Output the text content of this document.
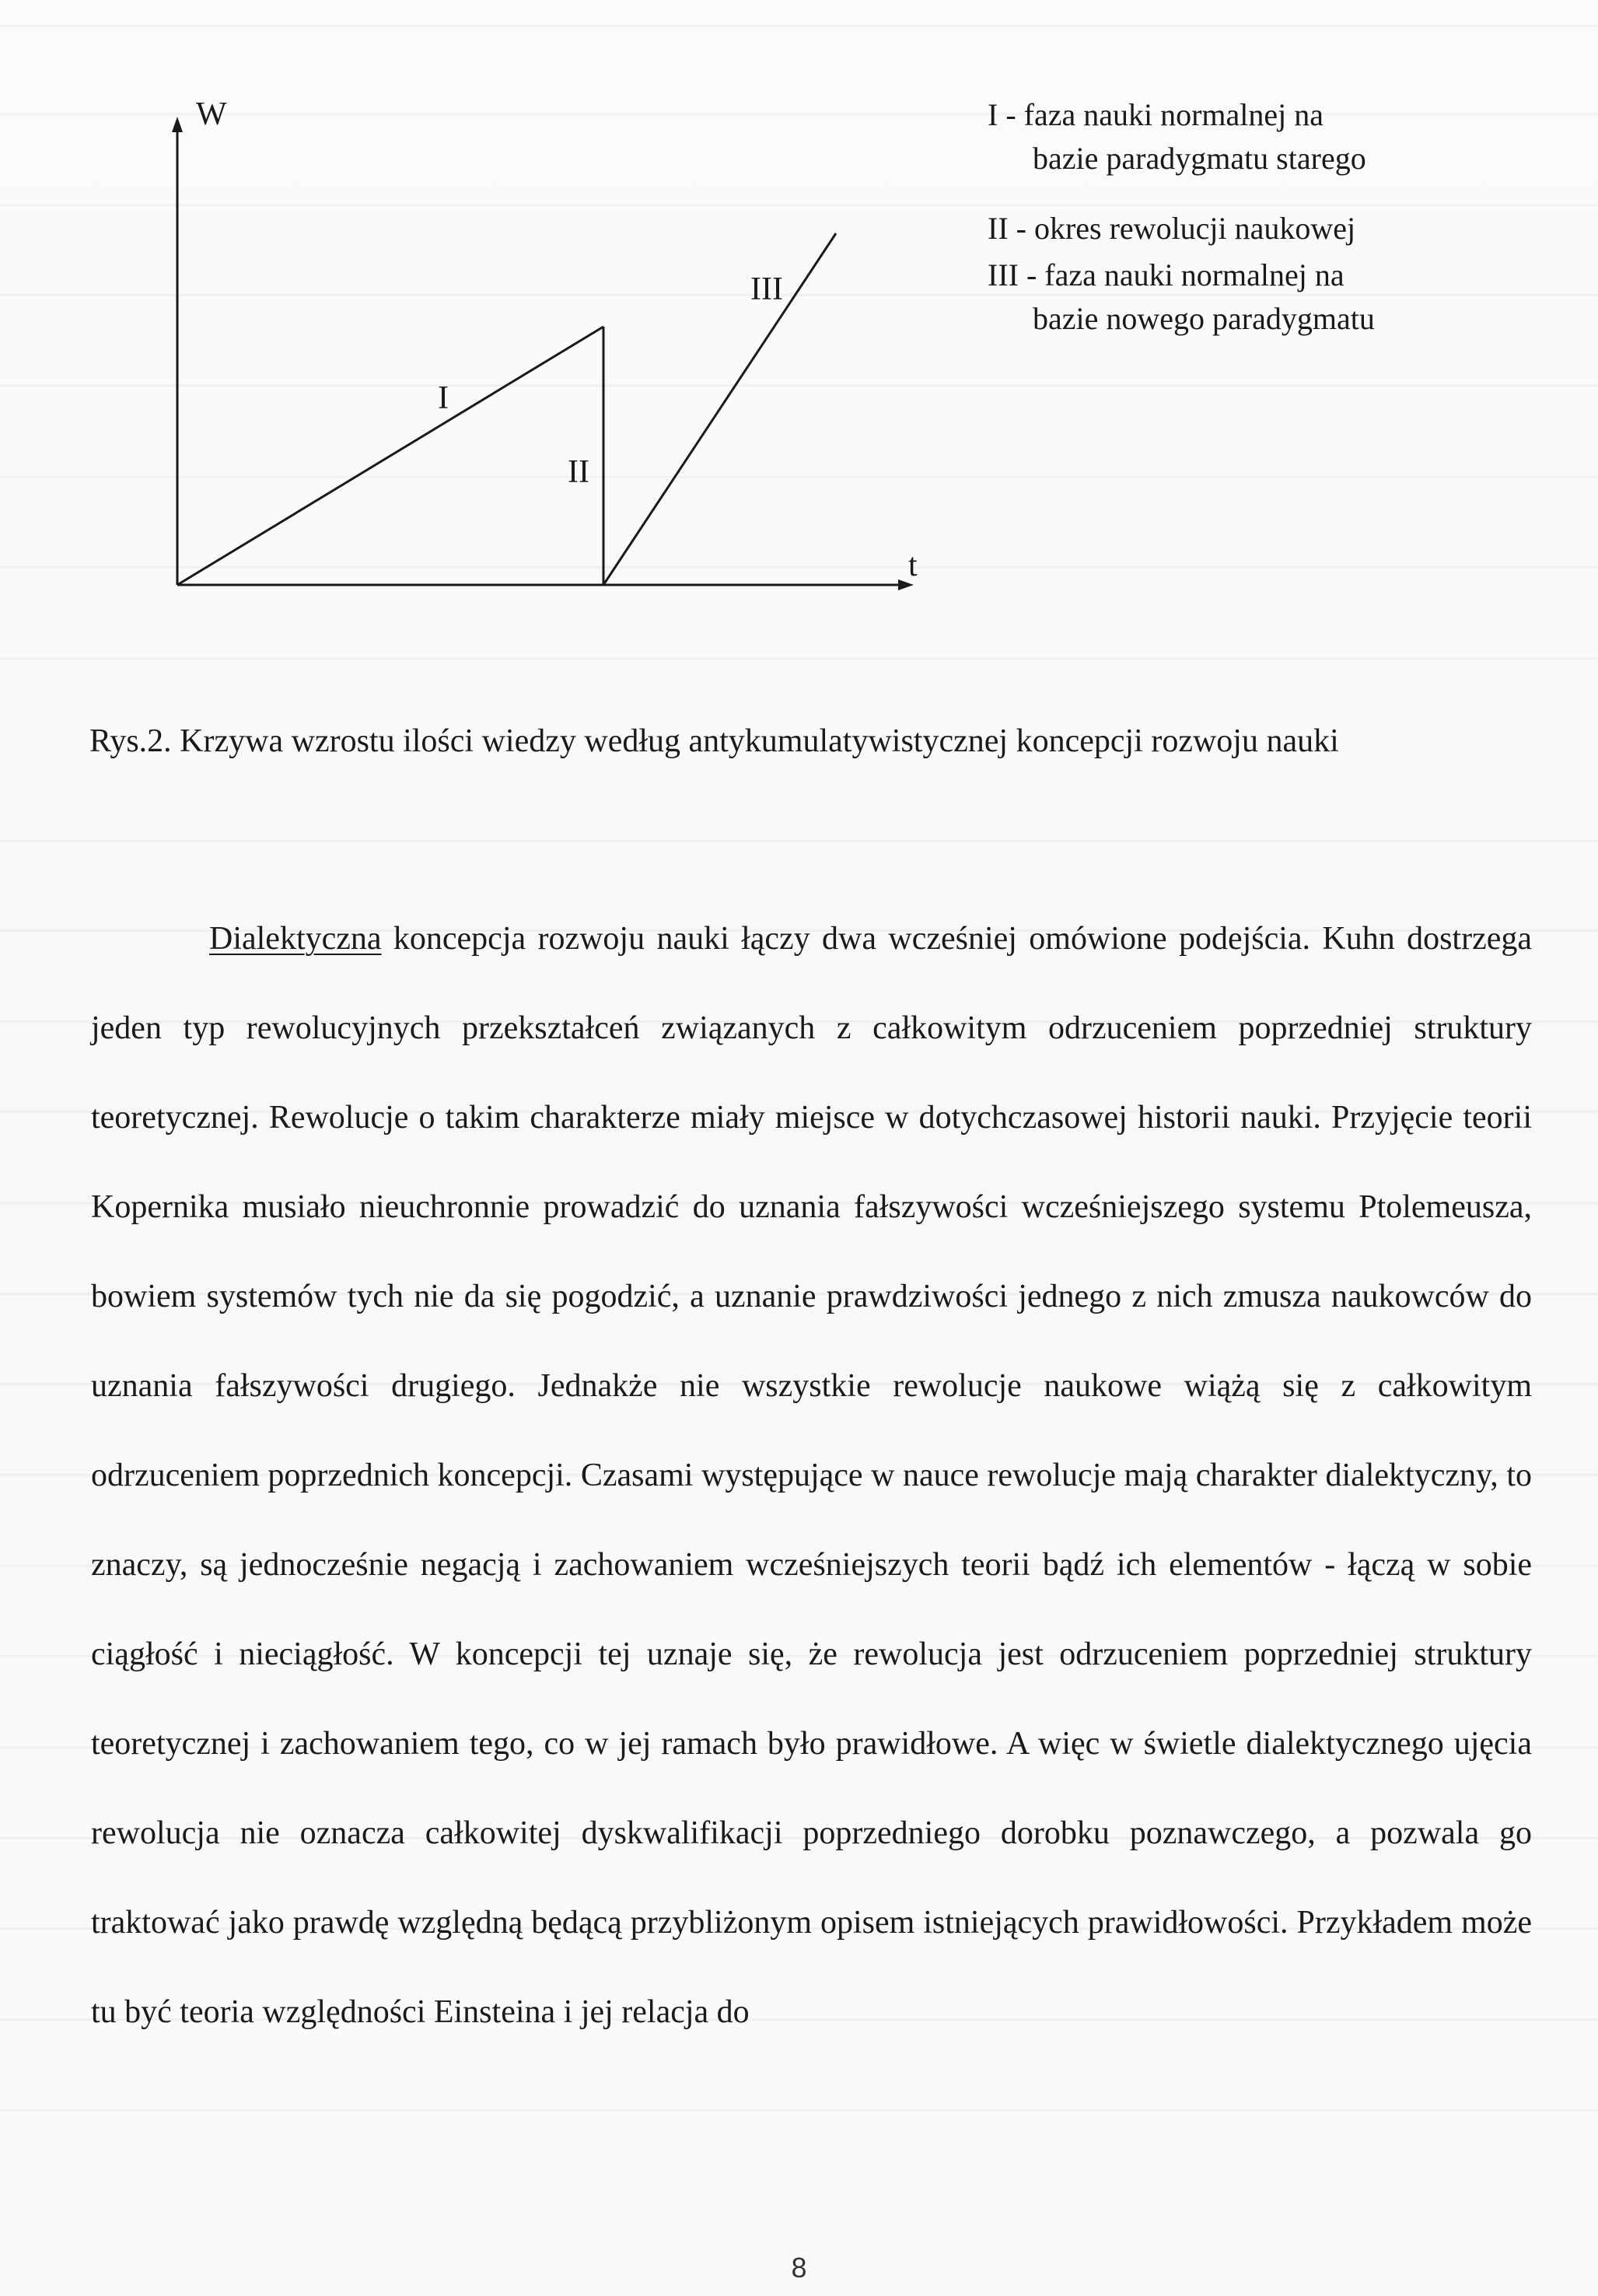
W
t
I
II
III
I - faza nauki normalnej na
bazie paradygmatu starego
II - okres rewolucji naukowej
III - faza nauki normalnej na
bazie nowego paradygmatu
Rys.2. Krzywa wzrostu ilości wiedzy według antykumulatywistycznej koncepcji rozwoju nauki

Dialektyczna koncepcja rozwoju nauki łączy dwa wcześniej omówione podejścia. Kuhn dostrzega jeden typ rewolucyjnych przekształceń związanych z całkowitym odrzuceniem poprzedniej struktury teoretycznej. Rewolucje o takim charakterze miały miejsce w dotychczasowej historii nauki. Przyjęcie teorii Kopernika musiało nieuchronnie prowadzić do uznania fałszywości wcześniejszego systemu Ptolemeusza, bowiem systemów tych nie da się pogodzić, a uznanie prawdziwości jednego z nich zmusza naukowców do uznania fałszywości drugiego. Jednakże nie wszystkie rewolucje naukowe wiążą się z całkowitym odrzuceniem poprzednich koncepcji. Czasami występujące w nauce rewolucje mają charakter dialektyczny, to znaczy, są jednocześnie negacją i zachowaniem wcześniejszych teorii bądź ich elementów - łączą w sobie ciągłość i nieciągłość. W koncepcji tej uznaje się, że rewolucja jest odrzuceniem poprzedniej struktury teoretycznej i zachowaniem tego, co w jej ramach było prawidłowe. A więc w świetle dialektycznego ujęcia rewolucja nie oznacza całkowitej dyskwalifikacji poprzedniego dorobku poznawczego, a pozwala go traktować jako prawdę względną będącą przybliżonym opisem istniejących prawidłowości. Przykładem może tu być teoria względności Einsteina i jej relacja do

8
